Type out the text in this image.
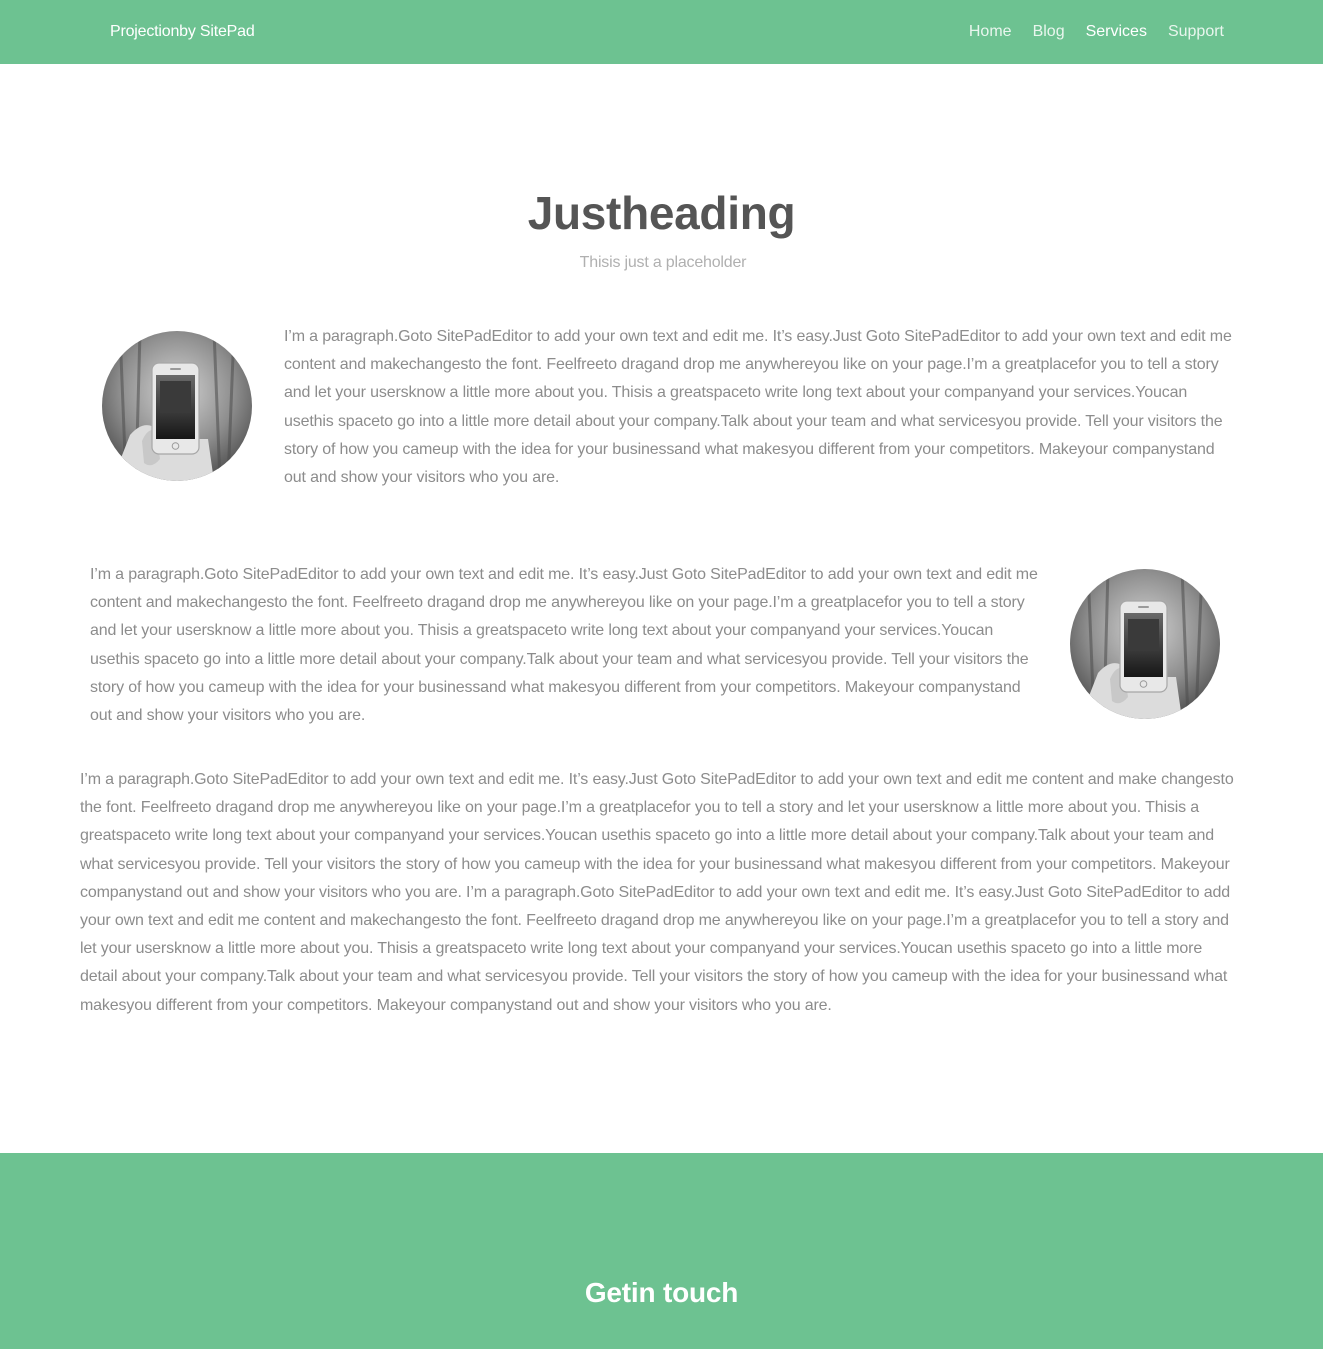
Projectionby SitePad	Home Blog Services Support
Justheading

Thisis just a placeholder

I’m a paragraph.Goto SitePadEditor to add your own text and edit me. It’s easy.Just Goto SitePadEditor to add your own text and edit me content and makechangesto the font. Feelfreeto dragand drop me anywhereyou like on your page.I’m a greatplacefor you to tell a story and let your usersknow a little more about you. Thisis a greatspaceto write long text about your companyand your services.Youcan usethis spaceto go into a little more detail about your company.Talk about your team and what servicesyou provide. Tell your visitors the story of how you cameup with the idea for your businessand what makesyou different from your competitors. Makeyour companystand out and show your visitors who you are.

I’m a paragraph.Goto SitePadEditor to add your own text and edit me. It’s easy.Just Goto SitePadEditor to add your own text and edit me content and makechangesto the font. Feelfreeto dragand drop me anywhereyou like on your page.I’m a greatplacefor you to tell a story and let your usersknow a little more about you. Thisis a greatspaceto write long text about your companyand your services.Youcan usethis spaceto go into a little more detail about your company.Talk about your team and what servicesyou provide. Tell your visitors the story of how you cameup with the idea for your businessand what makesyou different from your competitors. Makeyour companystand out and show your visitors who you are.

I’m a paragraph.Goto SitePadEditor to add your own text and edit me. It’s easy.Just Goto SitePadEditor to add your own text and edit me content and make changesto the font. Feelfreeto dragand drop me anywhereyou like on your page.I’m a greatplacefor you to tell a story and let your usersknow a little more about you. Thisis a greatspaceto write long text about your companyand your services.Youcan usethis spaceto go into a little more detail about your company.Talk about your team and what servicesyou provide. Tell your visitors the story of how you cameup with the idea for your businessand what makesyou different from your competitors. Makeyour companystand out and show your visitors who you are. I’m a paragraph.Goto SitePadEditor to add your own text and edit me. It’s easy.Just Goto SitePadEditor to add your own text and edit me content and makechangesto the font. Feelfreeto dragand drop me anywhereyou like on your page.I’m a greatplacefor you to tell a story and let your usersknow a little more about you. Thisis a greatspaceto write long text about your companyand your services.Youcan usethis spaceto go into a little more detail about your company.Talk about your team and what servicesyou provide. Tell your visitors the story of how you cameup with the idea for your businessand what makesyou different from your competitors. Makeyour companystand out and show your visitors who you are.

Getin touch
